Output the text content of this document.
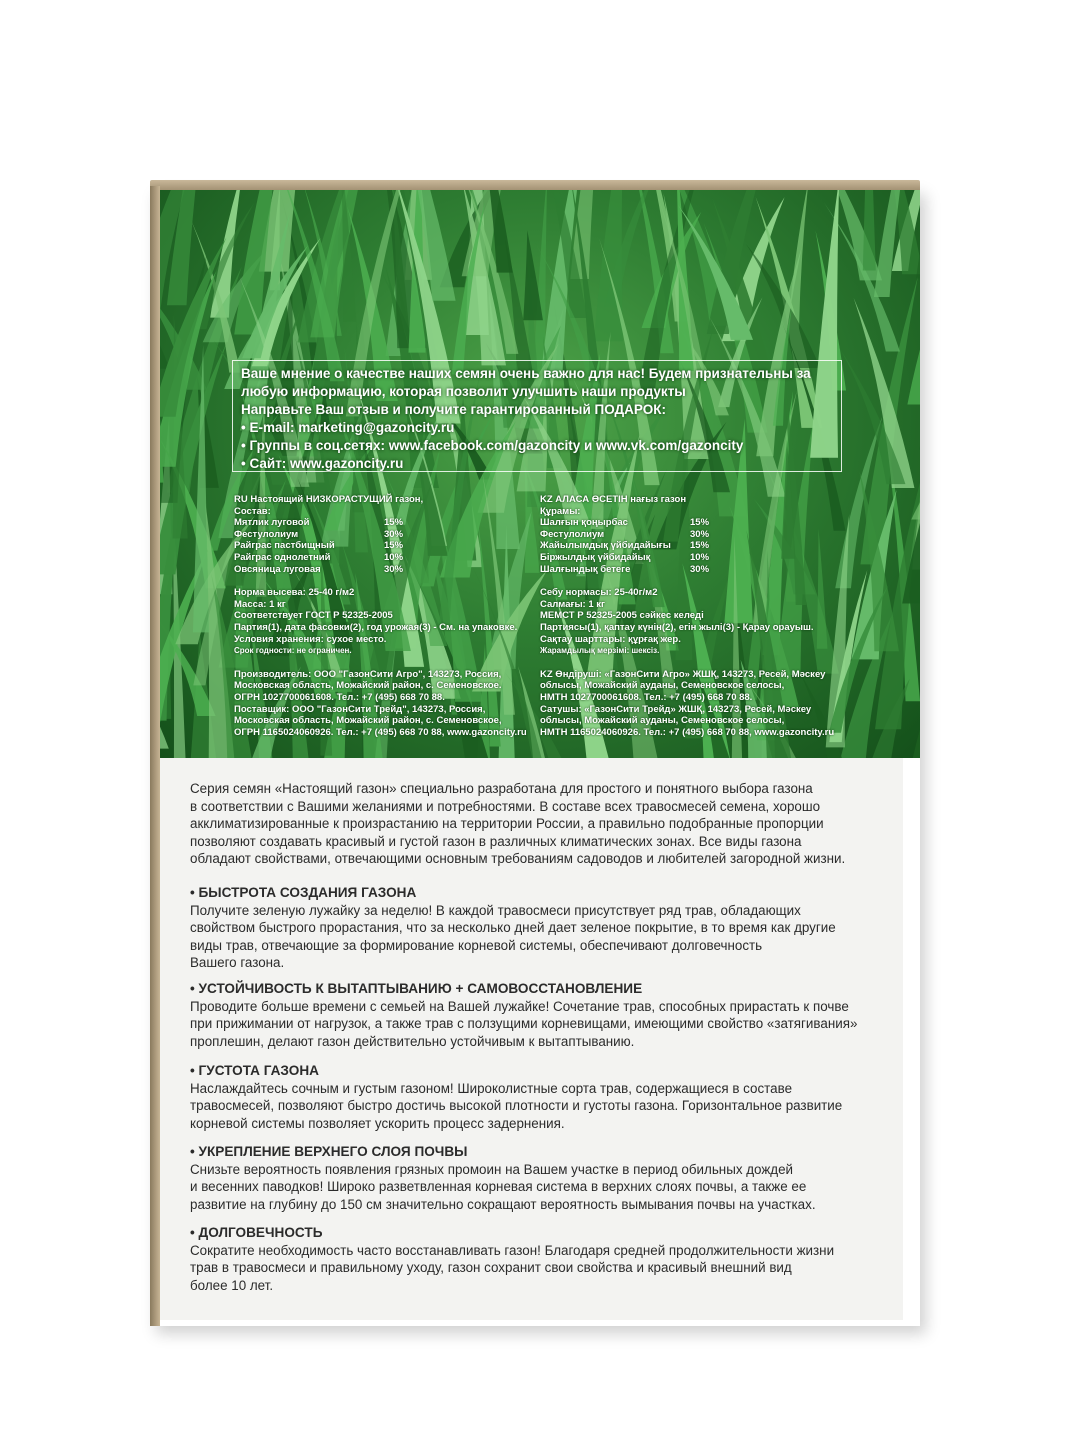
Ваше мнение о качестве наших семян очень важно для нас! Будем признательны за
любую информацию, которая позволит улучшить наши продукты
Направьте Ваш отзыв и получите гарантированный ПОДАРОК:
• E-mail: marketing@gazoncity.ru
• Группы в соц.сетях: www.facebook.com/gazoncity и www.vk.com/gazoncity
• Сайт: www.gazoncity.ru
RU Настоящий НИЗКОРАСТУЩИЙ газон,
Состав:
Мятлик луговой	15%
Фестулолиум	30%
Райграс пастбищный	15%
Райграс однолетний	10%
Овсяница луговая	30%
Норма высева: 25-40 г/м2
Масса: 1 кг
Соответствует ГОСТ Р 52325-2005
Партия(1), дата фасовки(2), год урожая(3) - См. на упаковке.
Условия хранения: сухое место.
Срок годности: не ограничен.
Производитель: ООО "ГазонСити Агро", 143273, Россия,
Московская область, Можайский район, с. Семеновское.
ОГРН 1027700061608. Тел.: +7 (495) 668 70 88.
Поставщик: ООО "ГазонСити Трейд", 143273, Россия,
Московская область, Можайский район, с. Семеновское,
ОГРН 1165024060926. Тел.: +7 (495) 668 70 88, www.gazoncity.ru
KZ АЛАСА ӨСЕТІН нағыз газон
Құрамы:
Шалғын қоңырбас	15%
Фестулолиум	30%
Жайылымдық үйбидайығы	15%
Біржылдық үйбидайық	10%
Шалғындық бетеге	30%
Себу нормасы: 25-40г/м2
Салмағы: 1 кг
МЕМСТ Р 52325-2005 сәйкес келеді
Партиясы(1), қаптау күнін(2), егін жылі(3) - Қарау орауыш.
Сақтау шарттары: құрғақ жер.
Жарамдылық мерзімі: шексіз.
KZ Өндіруші: «ГазонСити Агро» ЖШҚ, 143273, Ресей, Мәскеу
облысы, Можайский ауданы, Семеновское селосы,
НМТН 1027700061608. Тел.: +7 (495) 668 70 88.
Сатушы: «ГазонСити Трейд» ЖШҚ, 143273, Ресей, Мәскеу
облысы, Можайский ауданы, Семеновское селосы,
НМТН 1165024060926. Тел.: +7 (495) 668 70 88, www.gazoncity.ru
Серия семян «Настоящий газон» специально разработана для простого и понятного выбора газона
в соответствии с Вашими желаниями и потребностями. В составе всех травосмесей семена, хорошо
акклиматизированные к произрастанию на территории России, а правильно подобранные пропорции
позволяют создавать красивый и густой газон в различных климатических зонах. Все виды газона
обладают свойствами, отвечающими основным требованиям садоводов и любителей загородной жизни.
• БЫСТРОТА СОЗДАНИЯ ГАЗОНА
Получите зеленую лужайку за неделю! В каждой травосмеси присутствует ряд трав, обладающих
свойством быстрого прорастания, что за несколько дней дает зеленое покрытие, в то время как другие
виды трав, отвечающие за формирование корневой системы, обеспечивают долговечность
Вашего газона.
• УСТОЙЧИВОСТЬ К ВЫТАПТЫВАНИЮ + САМОВОССТАНОВЛЕНИЕ
Проводите больше времени с семьей на Вашей лужайке! Сочетание трав, способных прирастать к почве
при прижимании от нагрузок, а также трав с ползущими корневищами, имеющими свойство «затягивания»
проплешин, делают газон действительно устойчивым к вытаптыванию.
• ГУСТОТА ГАЗОНА
Наслаждайтесь сочным и густым газоном! Широколистные сорта трав, содержащиеся в составе
травосмесей, позволяют быстро достичь высокой плотности и густоты газона. Горизонтальное развитие
корневой системы позволяет ускорить процесс задернения.
• УКРЕПЛЕНИЕ ВЕРХНЕГО СЛОЯ ПОЧВЫ
Снизьте вероятность появления грязных промоин на Вашем участке в период обильных дождей
и весенних паводков! Широко разветвленная корневая система в верхних слоях почвы, а также ее
развитие на глубину до 150 см значительно сокращают вероятность вымывания почвы на участках.
• ДОЛГОВЕЧНОСТЬ
Сократите необходимость часто восстанавливать газон! Благодаря средней продолжительности жизни
трав в травосмеси и правильному уходу, газон сохранит свои свойства и красивый внешний вид
более 10 лет.
